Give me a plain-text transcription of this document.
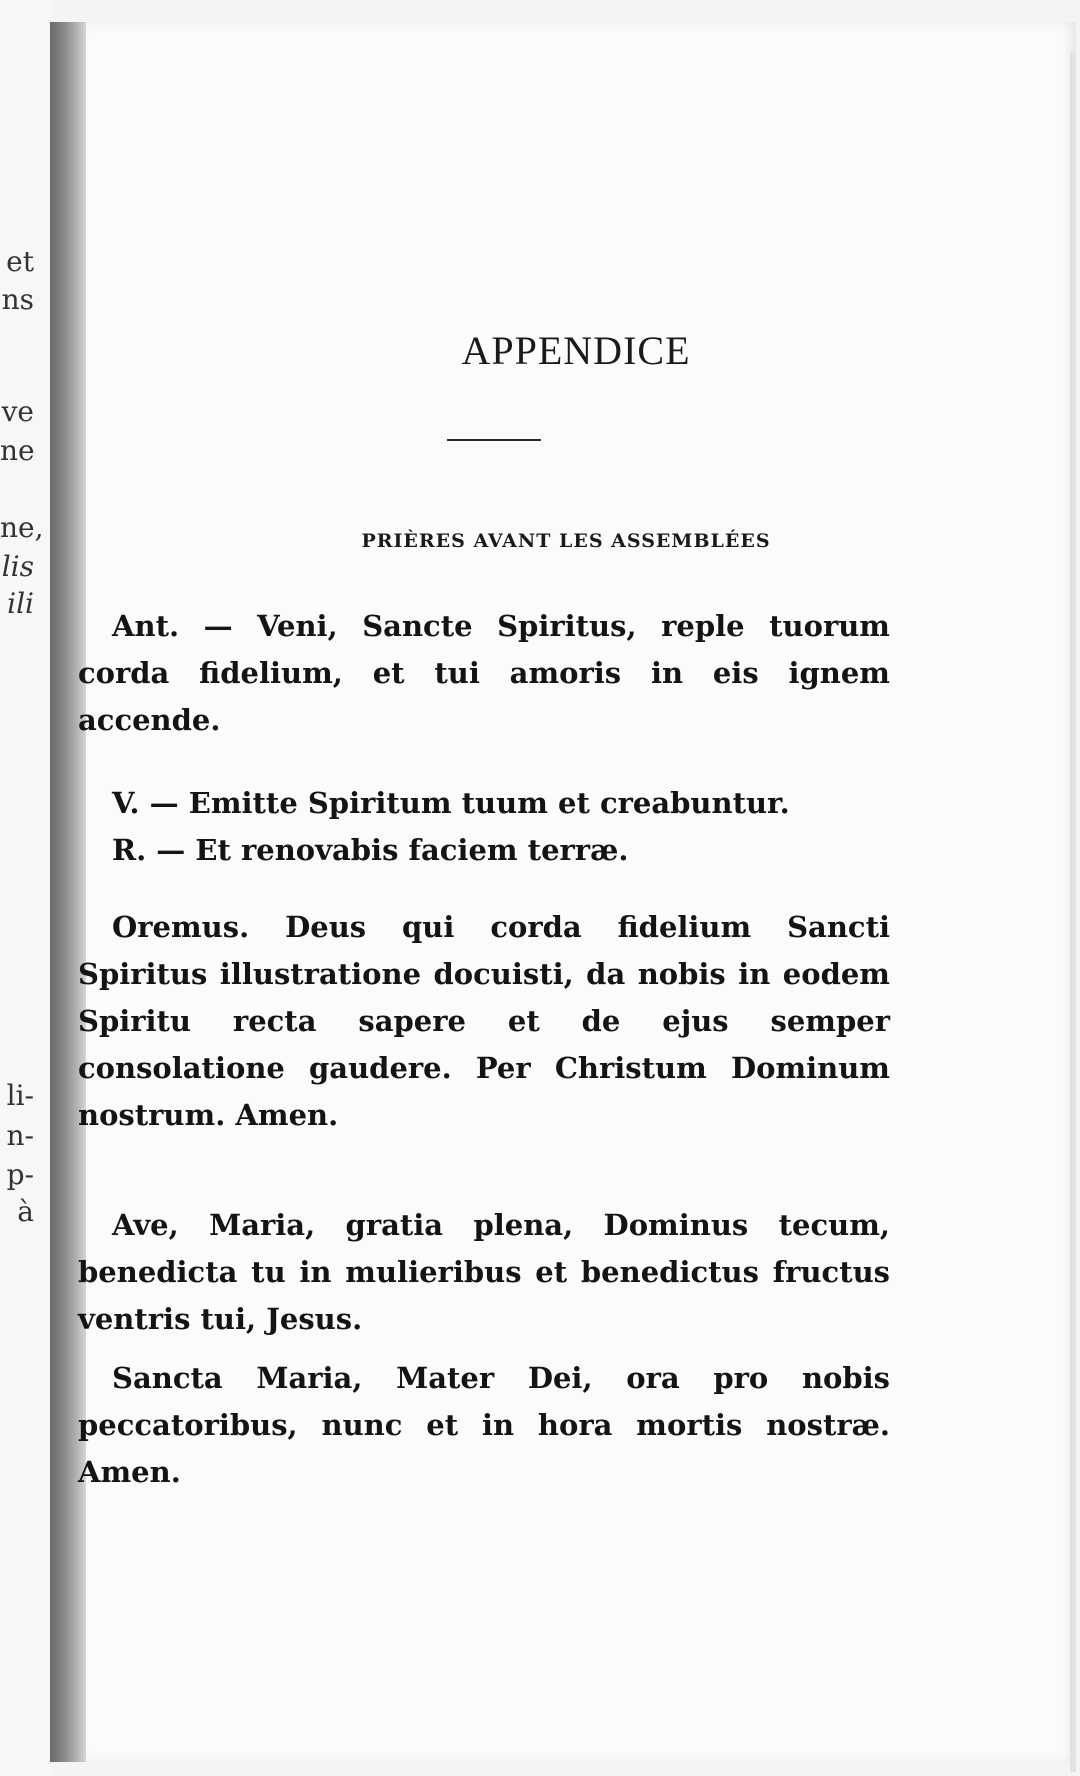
et
ns
ve
ne
ne,
lis
ili
li-
n-
p-
à
APPENDICE
PRIÈRES AVANT LES ASSEMBLÉES
Ant. — Veni, Sancte Spiritus, reple tuorum corda fidelium, et tui amoris in eis ignem accende.
V. — Emitte Spiritum tuum et creabuntur.
R. — Et renovabis faciem terræ.
Oremus. Deus qui corda fidelium Sancti Spiritus illustratione docuisti, da nobis in eodem Spiritu recta sapere et de ejus semper consolatione gaudere. Per Christum Dominum nostrum. Amen.
Ave, Maria, gratia plena, Dominus tecum, benedicta tu in mulieribus et benedictus fructus ventris tui, Jesus.
Sancta Maria, Mater Dei, ora pro nobis peccatoribus, nunc et in hora mortis nostræ. Amen.
